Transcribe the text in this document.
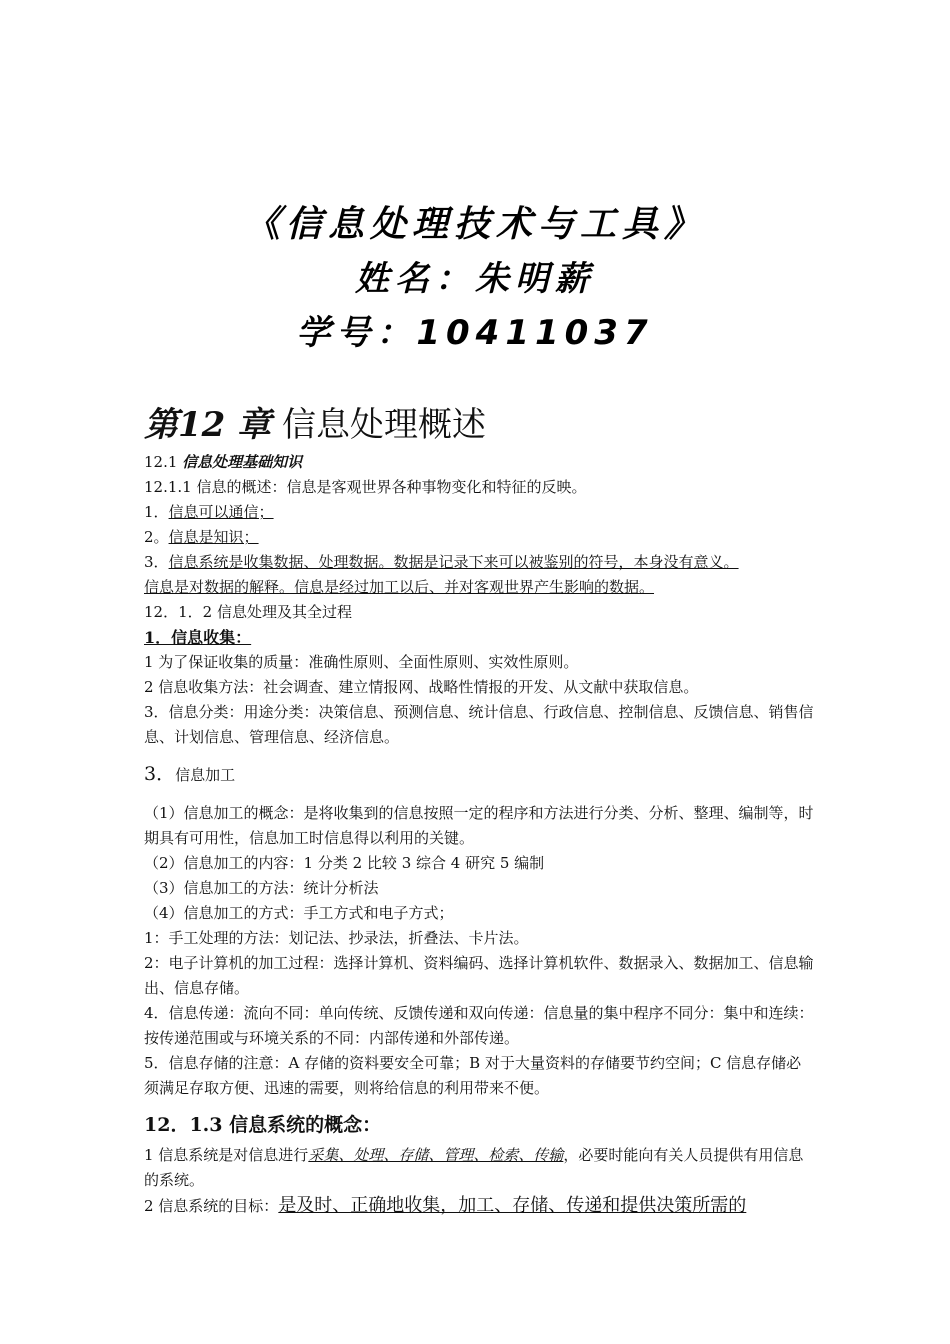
《信息处理技术与工具》
姓名：朱明薪
学号：10411037
第12 章 信息处理概述
12.1 信息处理基础知识
12.1.1 信息的概述：信息是客观世界各种事物变化和特征的反映。
1．信息可以通信；
2。信息是知识；
3．信息系统是收集数据、处理数据。数据是记录下来可以被鉴别的符号，本身没有意义。
信息是对数据的解释。信息是经过加工以后、并对客观世界产生影响的数据。
12．1．2 信息处理及其全过程
1．信息收集：
1 为了保证收集的质量：准确性原则、全面性原则、实效性原则。
2 信息收集方法：社会调查、建立情报网、战略性情报的开发、从文献中获取信息。
3．信息分类：用途分类：决策信息、预测信息、统计信息、行政信息、控制信息、反馈信息、销售信息、计划信息、管理信息、经济信息。
3．信息加工
（1）信息加工的概念：是将收集到的信息按照一定的程序和方法进行分类、分析、整理、编制等，时期具有可用性，信息加工时信息得以利用的关键。
（2）信息加工的内容：1 分类 2 比较 3 综合 4 研究 5 编制
（3）信息加工的方法：统计分析法
（4）信息加工的方式：手工方式和电子方式；
1：手工处理的方法：划记法、抄录法，折叠法、卡片法。
2：电子计算机的加工过程：选择计算机、资料编码、选择计算机软件、数据录入、数据加工、信息输出、信息存储。
4．信息传递：流向不同：单向传统、反馈传递和双向传递：信息量的集中程序不同分：集中和连续：按传递范围或与环境关系的不同：内部传递和外部传递。
5．信息存储的注意：A 存储的资料要安全可靠；B 对于大量资料的存储要节约空间；C 信息存储必须满足存取方便、迅速的需要，则将给信息的利用带来不便。
12．1.3 信息系统的概念：
1 信息系统是对信息进行采集、处理、存储、管理、检索、传输，必要时能向有关人员提供有用信息的系统。
2 信息系统的目标：是及时、正确地收集，加工、存储、传递和提供决策所需的
